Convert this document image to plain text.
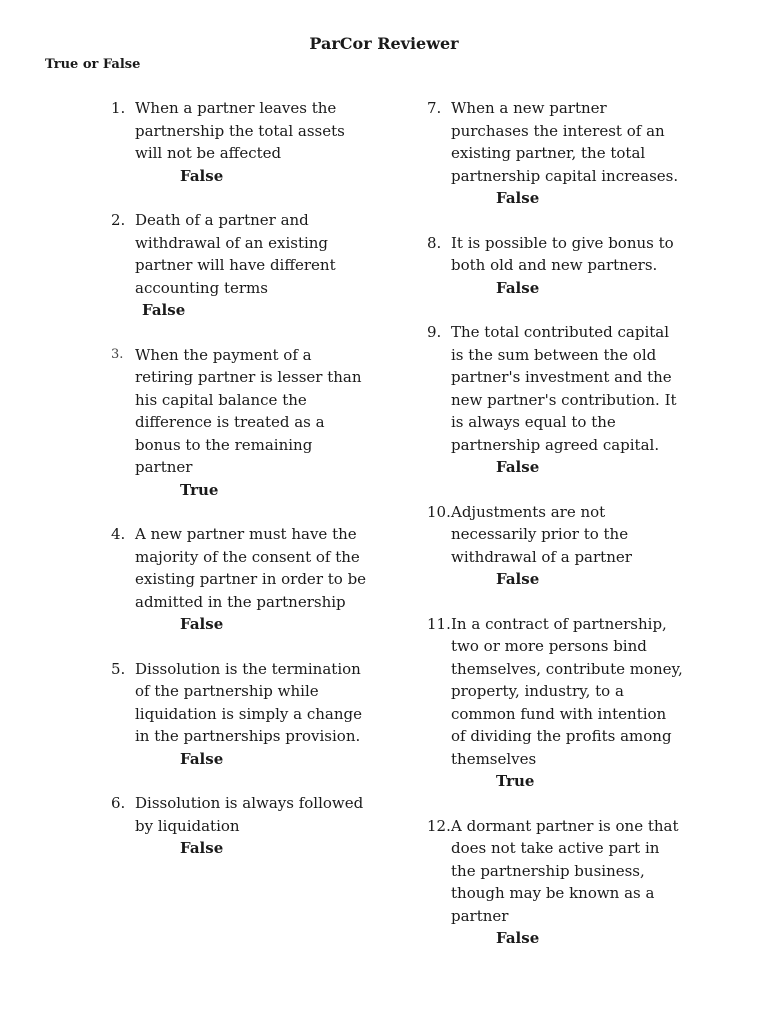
ParCor Reviewer
True or False
1. When a partner leaves the partnership the total assets will not be affected
False
2. Death of a partner and withdrawal of an existing partner will have different accounting terms
False
3. When the payment of a retiring partner is lesser than his capital balance the difference is treated as a bonus to the remaining partner
True
4. A new partner must have the majority of the consent of the existing partner in order to be admitted in the partnership
False
5. Dissolution is the termination of the partnership while liquidation is simply a change in the partnerships provision.
False
6. Dissolution is always followed by liquidation
False
7. When a new partner purchases the interest of an existing partner, the total partnership capital increases.
False
8. It is possible to give bonus to both old and new partners.
False
9. The total contributed capital is the sum between the old partner's investment and the new partner's contribution. It is always equal to the partnership agreed capital.
False
10. Adjustments are not necessarily prior to the withdrawal of a partner
False
11. In a contract of partnership, two or more persons bind themselves, contribute money, property, industry, to a common fund with intention of dividing the profits among themselves
True
12. A dormant partner is one that does not take active part in the partnership business, though may be known as a partner
False
